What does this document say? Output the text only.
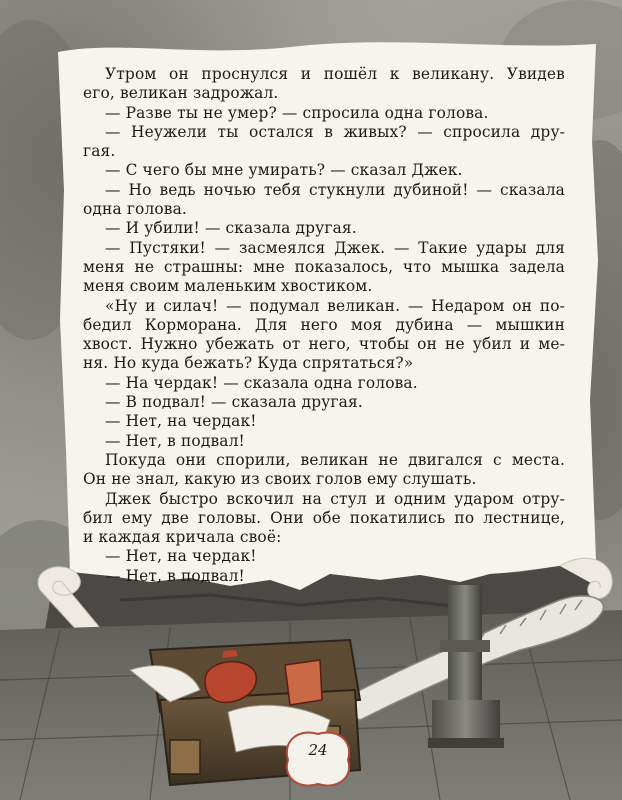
Утром он проснулся и пошёл к великану. Увидев
его, великан задрожал.
— Разве ты не умер? — спросила одна голова.
— Неужели ты остался в живых? — спросила дру-
гая.
— С чего бы мне умирать? — сказал Джек.
— Но ведь ночью тебя стукнули дубиной! — сказала
одна голова.
— И убили! — сказала другая.
— Пустяки! — засмеялся Джек. — Такие удары для
меня не страшны: мне показалось, что мышка задела
меня своим маленьким хвостиком.
«Ну и силач! — подумал великан. — Недаром он по-
бедил Корморана. Для него моя дубина — мышкин
хвост. Нужно убежать от него, чтобы он не убил и ме-
ня. Но куда бежать? Куда спрятаться?»
— На чердак! — сказала одна голова.
— В подвал! — сказала другая.
— Нет, на чердак!
— Нет, в подвал!
Покуда они спорили, великан не двигался с места.
Он не знал, какую из своих голов ему слушать.
Джек быстро вскочил на стул и одним ударом отру-
бил ему две головы. Они обе покатились по лестнице,
и каждая кричала своё:
— Нет, на чердак!
— Нет, в подвал!
24
